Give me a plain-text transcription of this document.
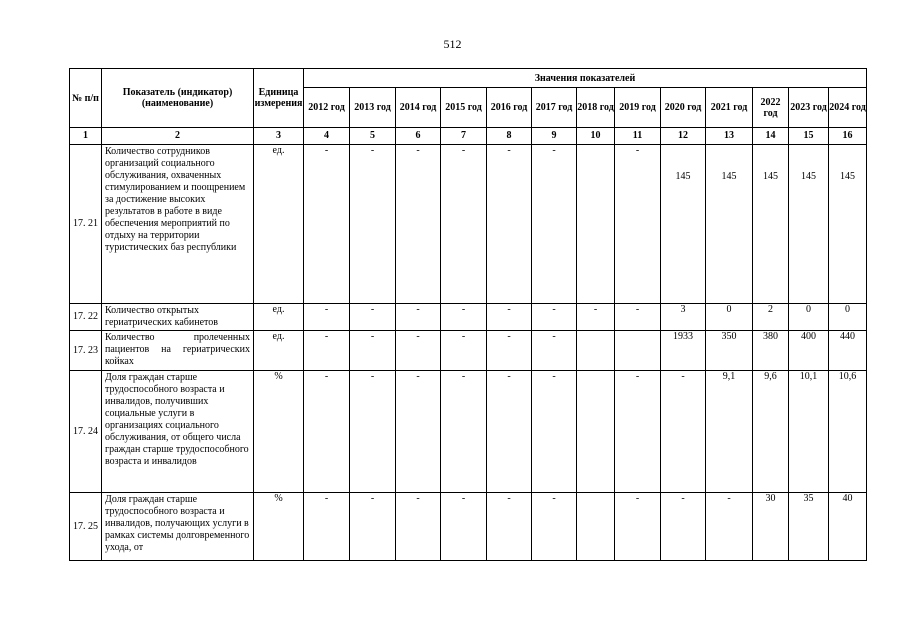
512
№ п/п	Показатель (индикатор) (наименование)	Единица измерения	Значения показателей												
			2012 год	2013 год	2014 год	2015 год	2016 год	2017 год	2018 год	2019 год	2020 год	2021 год	2022 год	2023 год	2024 год
1	2	3	4	5	6	7	8	9	10	11	12	13	14	15	16
17. 21	Количество сотрудников организаций социального обслуживания, охваченных стимулированием и поощрением за достижение высоких результатов в работе в виде обеспечения мероприятий по отдыху на территории туристических баз республики	ед.	-	-	-	-	-	-		-	145	145	145	145	145
17. 22	Количество открытых гериатрических кабинетов	ед.	-	-	-	-	-	-	-	-	3	0	2	0	0
17. 23	Количество пролеченных пациентов на гериатрических койках	ед.	-	-	-	-	-	-			1933	350	380	400	440
17. 24	Доля граждан старше трудоспособного возраста и инвалидов, получивших социальные услуги в организациях социального обслуживания, от общего числа граждан старше трудоспособного возраста и инвалидов	%	-	-	-	-	-	-		-	-	9,1	9,6	10,1	10,6
17. 25	Доля граждан старше трудоспособного возраста и инвалидов, получающих услуги в рамках системы долговременного ухода, от	%	-	-	-	-	-	-		-	-	-	30	35	40
